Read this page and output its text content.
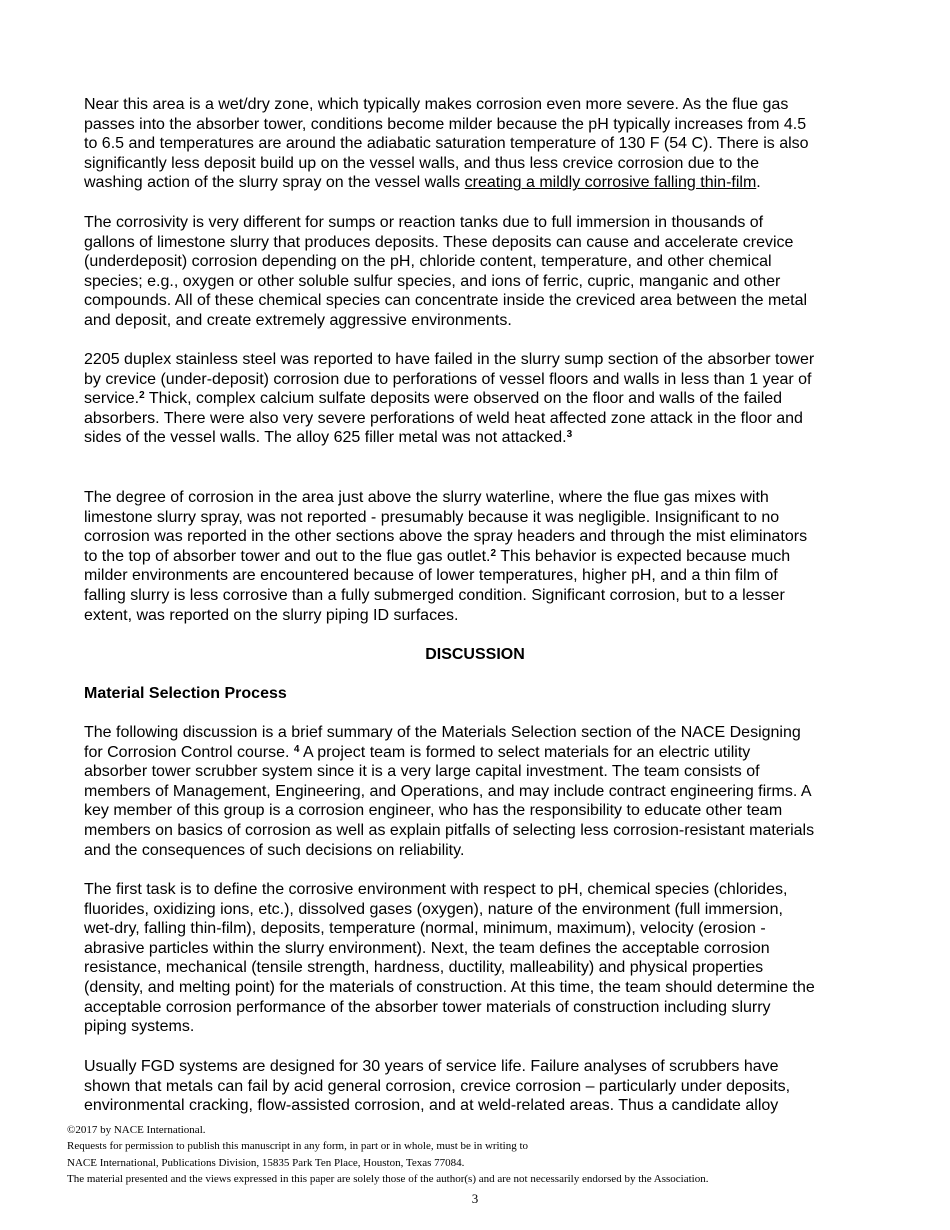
Near this area is a wet/dry zone, which typically makes corrosion even more severe. As the flue gas
passes into the absorber tower, conditions become milder because the pH typically increases from 4.5
to 6.5 and temperatures are around the adiabatic saturation temperature of 130 F (54 C). There is also
significantly less deposit build up on the vessel walls, and thus less crevice corrosion due to the
washing action of the slurry spray on the vessel walls creating a mildly corrosive falling thin-film.
The corrosivity is very different for sumps or reaction tanks due to full immersion in thousands of
gallons of limestone slurry that produces deposits. These deposits can cause and accelerate crevice
(underdeposit) corrosion depending on the pH, chloride content, temperature, and other chemical
species; e.g., oxygen or other soluble sulfur species, and ions of ferric, cupric, manganic and other
compounds. All of these chemical species can concentrate inside the creviced area between the metal
and deposit, and create extremely aggressive environments.
2205 duplex stainless steel was reported to have failed in the slurry sump section of the absorber tower
by crevice (under-deposit) corrosion due to perforations of vessel floors and walls in less than 1 year of
service.$^2$ Thick, complex calcium sulfate deposits were observed on the floor and walls of the failed
absorbers. There were also very severe perforations of weld heat affected zone attack in the floor and
sides of the vessel walls. The alloy 625 filler metal was not attacked.$^3$
The degree of corrosion in the area just above the slurry waterline, where the flue gas mixes with
limestone slurry spray, was not reported - presumably because it was negligible. Insignificant to no
corrosion was reported in the other sections above the spray headers and through the mist eliminators
to the top of absorber tower and out to the flue gas outlet.$^2$ This behavior is expected because much
milder environments are encountered because of lower temperatures, higher pH, and a thin film of
falling slurry is less corrosive than a fully submerged condition. Significant corrosion, but to a lesser
extent, was reported on the slurry piping ID surfaces.
DISCUSSION
Material Selection Process
The following discussion is a brief summary of the Materials Selection section of the NACE Designing
for Corrosion Control course. $^4$ A project team is formed to select materials for an electric utility
absorber tower scrubber system since it is a very large capital investment. The team consists of
members of Management, Engineering, and Operations, and may include contract engineering firms. A
key member of this group is a corrosion engineer, who has the responsibility to educate other team
members on basics of corrosion as well as explain pitfalls of selecting less corrosion-resistant materials
and the consequences of such decisions on reliability.
The first task is to define the corrosive environment with respect to pH, chemical species (chlorides,
fluorides, oxidizing ions, etc.), dissolved gases (oxygen), nature of the environment (full immersion,
wet-dry, falling thin-film), deposits, temperature (normal, minimum, maximum), velocity (erosion -
abrasive particles within the slurry environment). Next, the team defines the acceptable corrosion
resistance, mechanical (tensile strength, hardness, ductility, malleability) and physical properties
(density, and melting point) for the materials of construction. At this time, the team should determine the
acceptable corrosion performance of the absorber tower materials of construction including slurry
piping systems.
Usually FGD systems are designed for 30 years of service life. Failure analyses of scrubbers have
shown that metals can fail by acid general corrosion, crevice corrosion – particularly under deposits,
environmental cracking, flow-assisted corrosion, and at weld-related areas. Thus a candidate alloy
©2017 by NACE International.
Requests for permission to publish this manuscript in any form, in part or in whole, must be in writing to
NACE International, Publications Division, 15835 Park Ten Place, Houston, Texas 77084.
The material presented and the views expressed in this paper are solely those of the author(s) and are not necessarily endorsed by the Association.
3
